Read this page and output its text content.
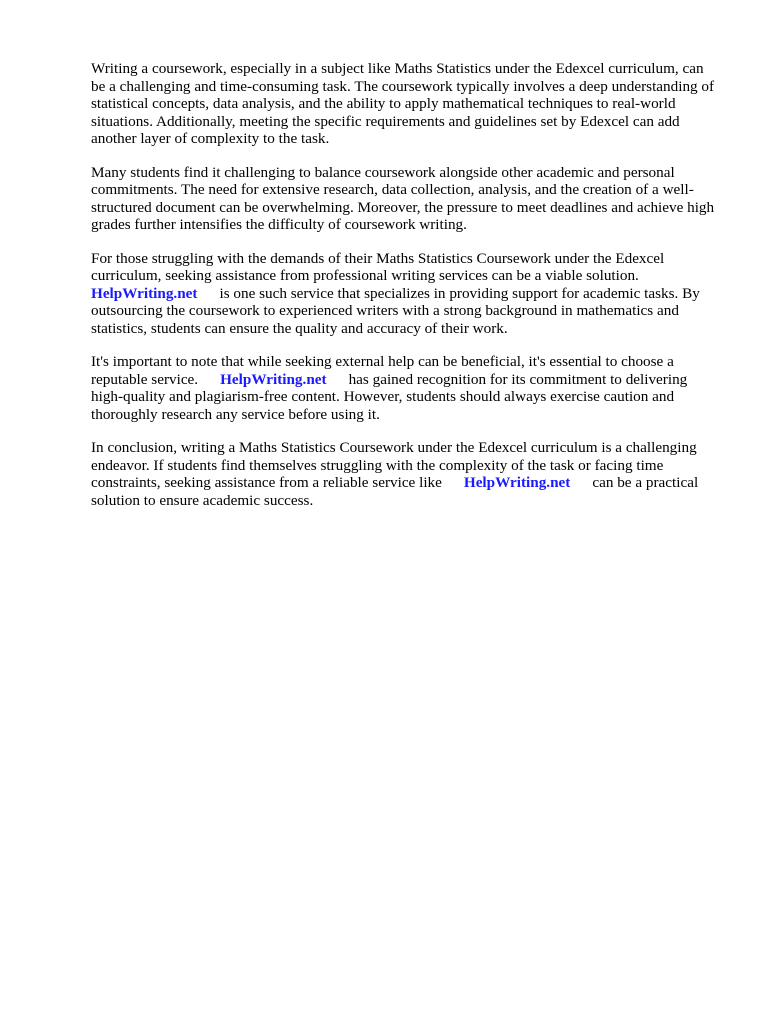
Writing a coursework, especially in a subject like Maths Statistics under the Edexcel curriculum, can be a challenging and time-consuming task. The coursework typically involves a deep understanding of statistical concepts, data analysis, and the ability to apply mathematical techniques to real-world situations. Additionally, meeting the specific requirements and guidelines set by Edexcel can add another layer of complexity to the task.

Many students find it challenging to balance coursework alongside other academic and personal commitments. The need for extensive research, data collection, analysis, and the creation of a well-structured document can be overwhelming. Moreover, the pressure to meet deadlines and achieve high grades further intensifies the difficulty of coursework writing.

For those struggling with the demands of their Maths Statistics Coursework under the Edexcel curriculum, seeking assistance from professional writing services can be a viable solution.
HelpWriting.net is one such service that specializes in providing support for academic tasks. By outsourcing the coursework to experienced writers with a strong background in mathematics and statistics, students can ensure the quality and accuracy of their work.

It's important to note that while seeking external help can be beneficial, it's essential to choose a reputable service. HelpWriting.net has gained recognition for its commitment to delivering high-quality and plagiarism-free content. However, students should always exercise caution and thoroughly research any service before using it.

In conclusion, writing a Maths Statistics Coursework under the Edexcel curriculum is a challenging endeavor. If students find themselves struggling with the complexity of the task or facing time constraints, seeking assistance from a reliable service like HelpWriting.net can be a practical solution to ensure academic success.
